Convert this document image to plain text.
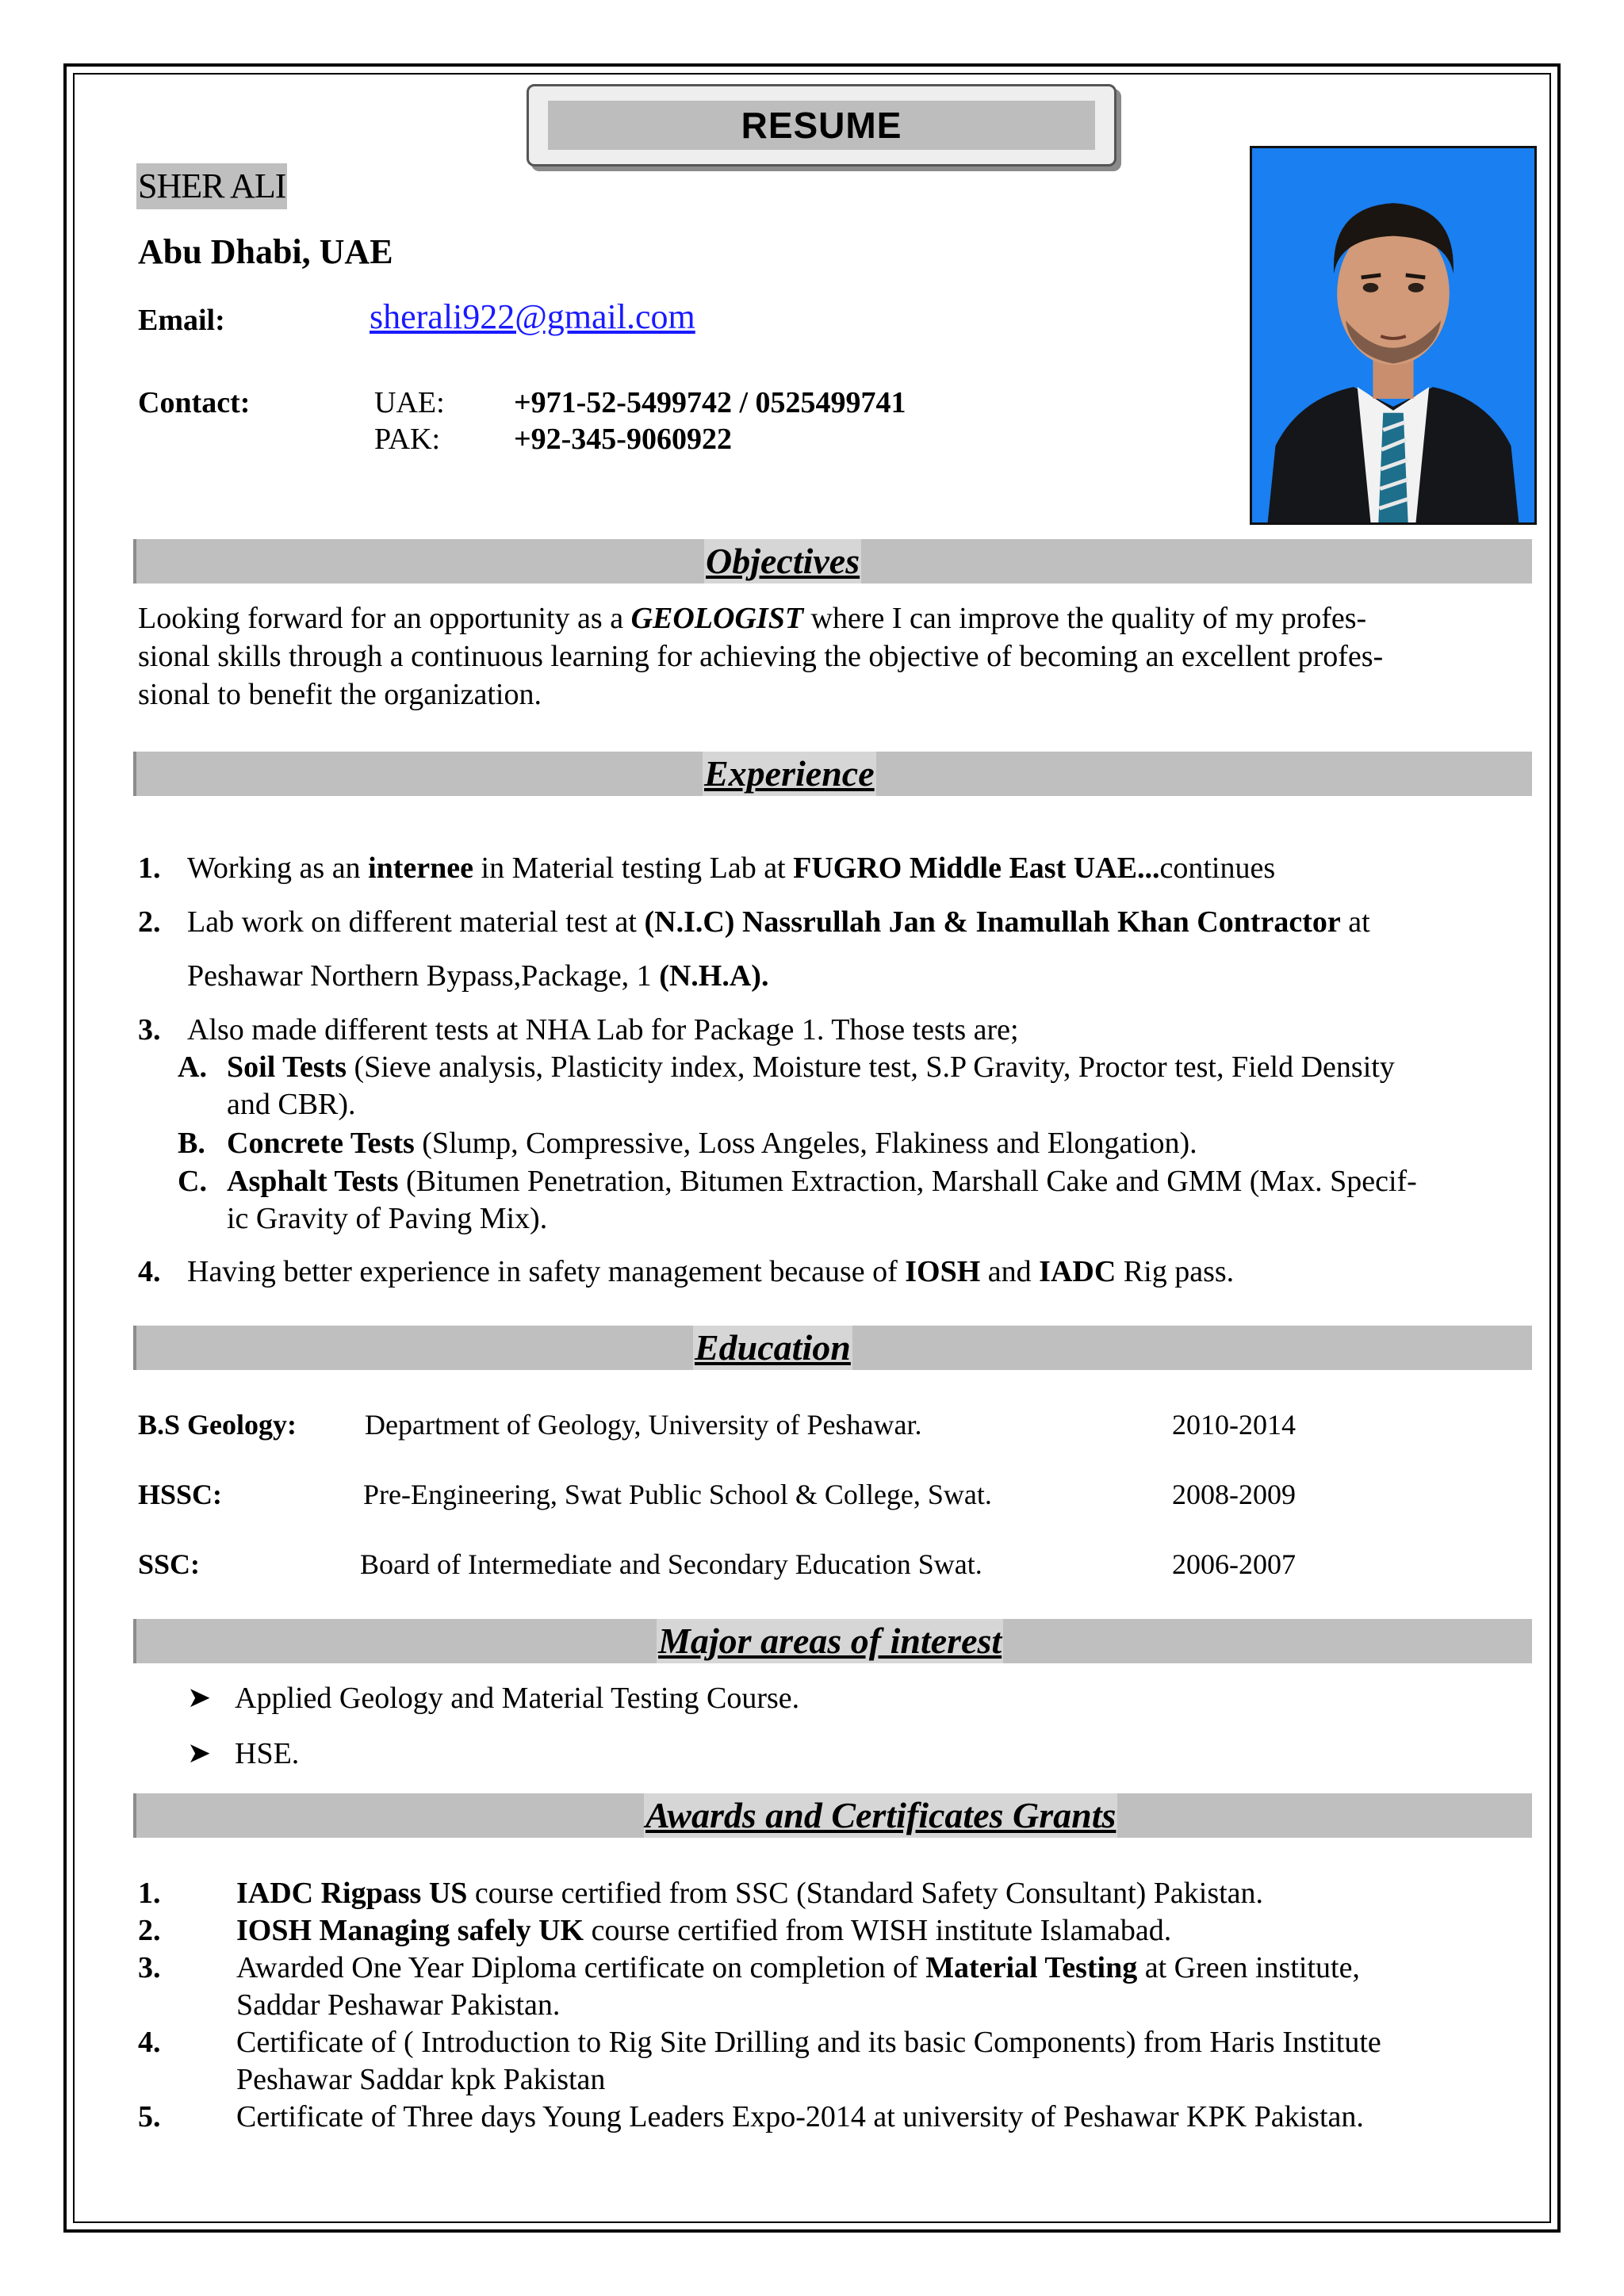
RESUME
SHER ALI
Abu Dhabi, UAE
Email:	sherali922@gmail.com
Contact:	UAE: +971-52-5499742 / 0525499741
PAK: +92-345-9060922
Objectives
Looking forward for an opportunity as a GEOLOGIST where I can improve the quality of my profes-
sional skills through a continuous learning for achieving the objective of becoming an excellent profes-
sional to benefit the organization.
Experience
1. Working as an internee in Material testing Lab at FUGRO Middle East UAE...continues
2. Lab work on different material test at (N.I.C) Nassrullah Jan & Inamullah Khan Contractor at
Peshawar Northern Bypass,Package, 1 (N.H.A).
3. Also made different tests at NHA Lab for Package 1. Those tests are;
A. Soil Tests (Sieve analysis, Plasticity index, Moisture test, S.P Gravity, Proctor test, Field Density
and CBR).
B. Concrete Tests (Slump, Compressive, Loss Angeles, Flakiness and Elongation).
C. Asphalt Tests (Bitumen Penetration, Bitumen Extraction, Marshall Cake and GMM (Max. Specif-
ic Gravity of Paving Mix).
4. Having better experience in safety management because of IOSH and IADC Rig pass.
Education
B.S Geology: Department of Geology, University of Peshawar.	2010-2014
HSSC:	Pre-Engineering, Swat Public School & College, Swat.	2008-2009
SSC:	Board of Intermediate and Secondary Education Swat.	2006-2007
Major areas of interest
➤ Applied Geology and Material Testing Course.
➤ HSE.
Awards and Certificates Grants
1.	IADC Rigpass US course certified from SSC (Standard Safety Consultant) Pakistan.
2.	IOSH Managing safely UK course certified from WISH institute Islamabad.
3.	Awarded One Year Diploma certificate on completion of Material Testing at Green institute,
Saddar Peshawar Pakistan.
4.	Certificate of ( Introduction to Rig Site Drilling and its basic Components) from Haris Institute
Peshawar Saddar kpk Pakistan
5.	Certificate of Three days Young Leaders Expo-2014 at university of Peshawar KPK Pakistan.
